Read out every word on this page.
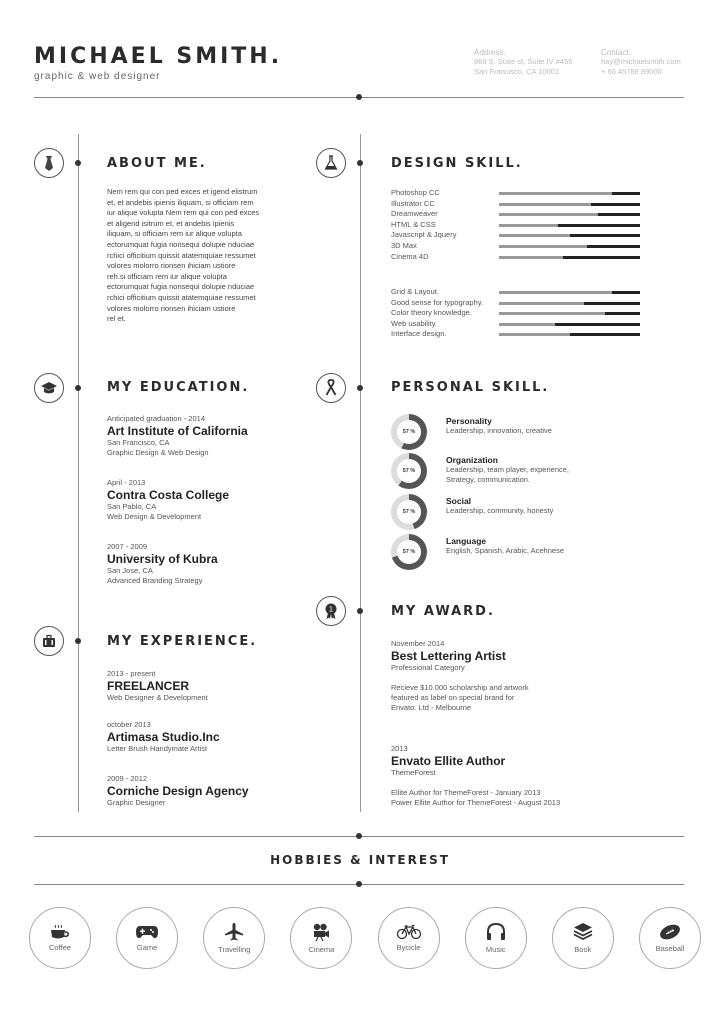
MICHAEL SMITH.
graphic & web designer
Address.
866 S. State st, Suite IV #455
San Francisco, CA 10001
Contact.
hay@michaelsmith.com
+ 60 45788 89000
ABOUT ME.
Nem rem qui con ped exces et igend elistrum
et, et andebis ipienis iliquam, si officiam rem
iur alique volupta Nem rem qui con ped exces
et aligend isitrum et, et andebis ipienis
iliquam, si officiam rem iur alique volupta
ectorumquat fugia nonsequi dolupie nduciae
rchici officitium quissit atatemquiae ressumet
volores molorro rionsen ihiciam ustiore
reh.si officiam rem iur alique volupta
ectorumquat fugia nonsequi dolupie nduciae
rchici officitium quissit atatemquiae ressumet
volores molorro rionsen ihiciam ustiore
rel et.
MY EDUCATION.
Anticipated graduation - 2014
Art Institute of California
San Francisco, CA
Graphic Design & Web Design
April - 2013
Contra Costa College
San Pablo, CA
Web Design & Development
2007 - 2009
University of Kubra
San Jose, CA
Advanced Branding Strategy
MY EXPERIENCE.
2013 - present
FREELANCER
Web Designer & Development
october 2013
Artimasa Studio.Inc
Letter Brush Handymate Artist
2009 - 2012
Corniche Design Agency
Graphic Designer
DESIGN SKILL.
Photoshop CC
Illustrator CC
Dreamweaver
HTML & CSS
Javascript & Jquery
3D Max
Cinema 4D
Grid & Layout.
Good sense for typography.
Color theory knowledge.
Web usability.
Interface design.
PERSONAL SKILL.
57 %
Personality
Leadership, innovation, creative
57 %
Organization
Leadership, team player, experience,
Strategy, communication.
57 %
Social
Leadership, community, honesty
57 %
Language
English, Spanish, Arabic, Acehnese
1	MY AWARD.
November 2014
Best Lettering Artist
Professional Category
Recieve $10.000 scholarship and artwork
featured as label on special brand for
Envato. Ltd - Melbourne
2013
Envato Ellite Author
ThemeForest
Ellite Author for ThemeForest - January 2013
Power Ellite Author for ThemeForest - August 2013
HOBBIES & INTEREST
Coffee	Game	Travelling	Cinema	Bycicle	Music	Book	Baseball
